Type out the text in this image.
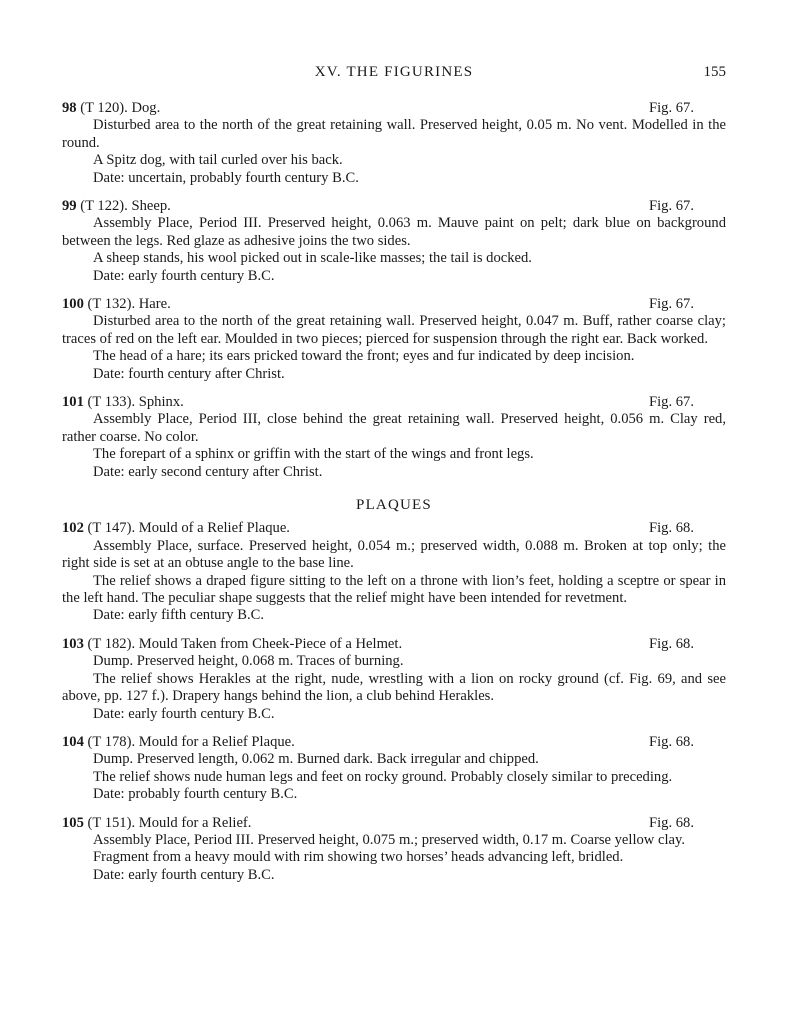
XV. THE FIGURINES	155
98 (T 120). Dog.	Fig. 67.

Disturbed area to the north of the great retaining wall. Preserved height, 0.05 m. No vent. Modelled in the round.

A Spitz dog, with tail curled over his back.

Date: uncertain, probably fourth century B.C.

99 (T 122). Sheep.	Fig. 67.

Assembly Place, Period III. Preserved height, 0.063 m. Mauve paint on pelt; dark blue on background between the legs. Red glaze as adhesive joins the two sides.

A sheep stands, his wool picked out in scale-like masses; the tail is docked.

Date: early fourth century B.C.

100 (T 132). Hare.	Fig. 67.

Disturbed area to the north of the great retaining wall. Preserved height, 0.047 m. Buff, rather coarse clay; traces of red on the left ear. Moulded in two pieces; pierced for suspension through the right ear. Back worked.

The head of a hare; its ears pricked toward the front; eyes and fur indicated by deep incision.

Date: fourth century after Christ.

101 (T 133). Sphinx.	Fig. 67.

Assembly Place, Period III, close behind the great retaining wall. Preserved height, 0.056 m. Clay red, rather coarse. No color.

The forepart of a sphinx or griffin with the start of the wings and front legs.

Date: early second century after Christ.

PLAQUES
102 (T 147). Mould of a Relief Plaque.	Fig. 68.

Assembly Place, surface. Preserved height, 0.054 m.; preserved width, 0.088 m. Broken at top only; the right side is set at an obtuse angle to the base line.

The relief shows a draped figure sitting to the left on a throne with lion’s feet, holding a sceptre or spear in the left hand. The peculiar shape suggests that the relief might have been intended for revetment.

Date: early fifth century B.C.

103 (T 182). Mould Taken from Cheek-Piece of a Helmet.	Fig. 68.

Dump. Preserved height, 0.068 m. Traces of burning.

The relief shows Herakles at the right, nude, wrestling with a lion on rocky ground (cf. Fig. 69, and see above, pp. 127 f.). Drapery hangs behind the lion, a club behind Herakles.

Date: early fourth century B.C.

104 (T 178). Mould for a Relief Plaque.	Fig. 68.

Dump. Preserved length, 0.062 m. Burned dark. Back irregular and chipped.

The relief shows nude human legs and feet on rocky ground. Probably closely similar to preceding.

Date: probably fourth century B.C.

105 (T 151). Mould for a Relief.	Fig. 68.

Assembly Place, Period III. Preserved height, 0.075 m.; preserved width, 0.17 m. Coarse yellow clay.

Fragment from a heavy mould with rim showing two horses’ heads advancing left, bridled.

Date: early fourth century B.C.
